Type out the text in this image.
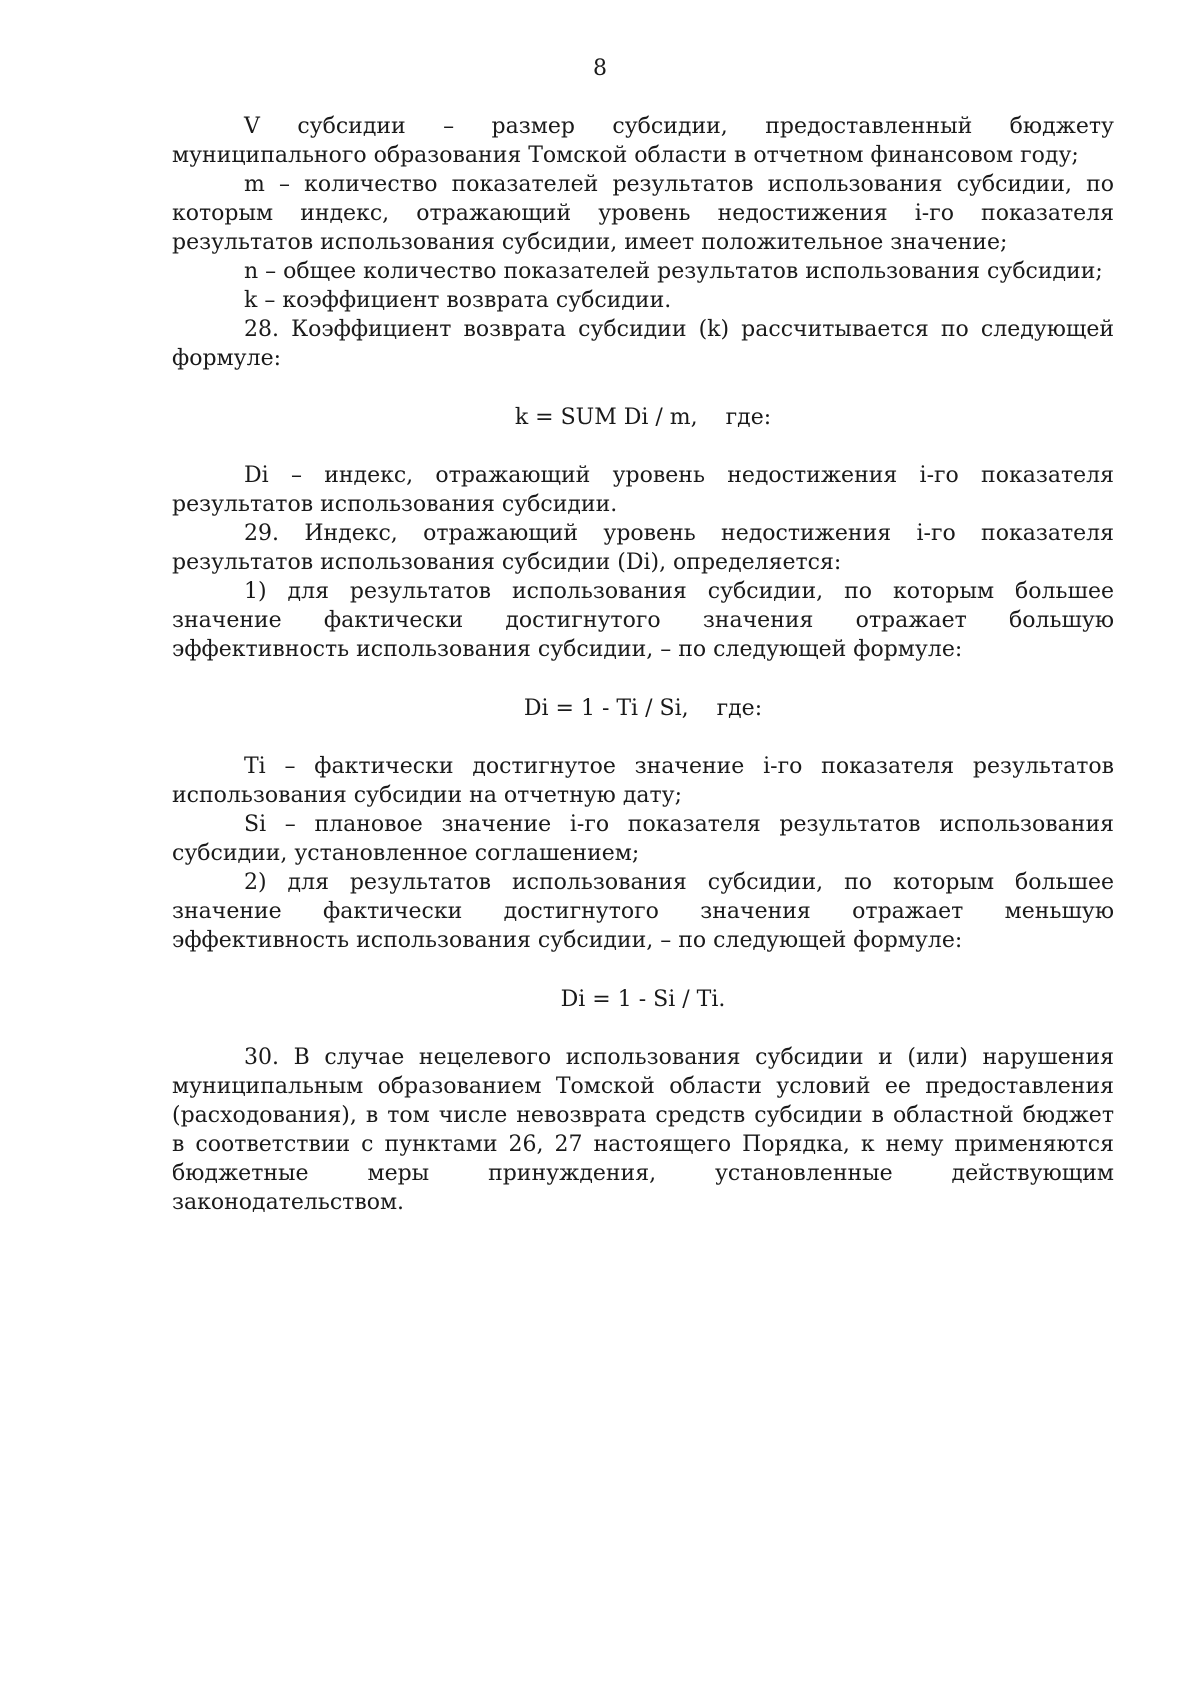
8

V субсидии – размер субсидии, предоставленный бюджету муниципального образования Томской области в отчетном финансовом году;

m – количество показателей результатов использования субсидии, по которым индекс, отражающий уровень недостижения i-го показателя результатов использования субсидии, имеет положительное значение;

n – общее количество показателей результатов использования субсидии;

k – коэффициент возврата субсидии.

28. Коэффициент возврата субсидии (k) рассчитывается по следующей формуле:

k = SUM Di / m, где:

Di – индекс, отражающий уровень недостижения i-го показателя результатов использования субсидии.

29. Индекс, отражающий уровень недостижения i-го показателя результатов использования субсидии (Di), определяется:

1) для результатов использования субсидии, по которым большее значение фактически достигнутого значения отражает большую эффективность использования субсидии, – по следующей формуле:

Di = 1 - Ti / Si, где:

Ti – фактически достигнутое значение i-го показателя результатов использования субсидии на отчетную дату;

Si – плановое значение i-го показателя результатов использования субсидии, установленное соглашением;

2) для результатов использования субсидии, по которым большее значение фактически достигнутого значения отражает меньшую эффективность использования субсидии, – по следующей формуле:

Di = 1 - Si / Ti.

30. В случае нецелевого использования субсидии и (или) нарушения муниципальным образованием Томской области условий ее предоставления (расходования), в том числе невозврата средств субсидии в областной бюджет в соответствии с пунктами 26, 27 настоящего Порядка, к нему применяются бюджетные меры принуждения, установленные действующим законодательством.
